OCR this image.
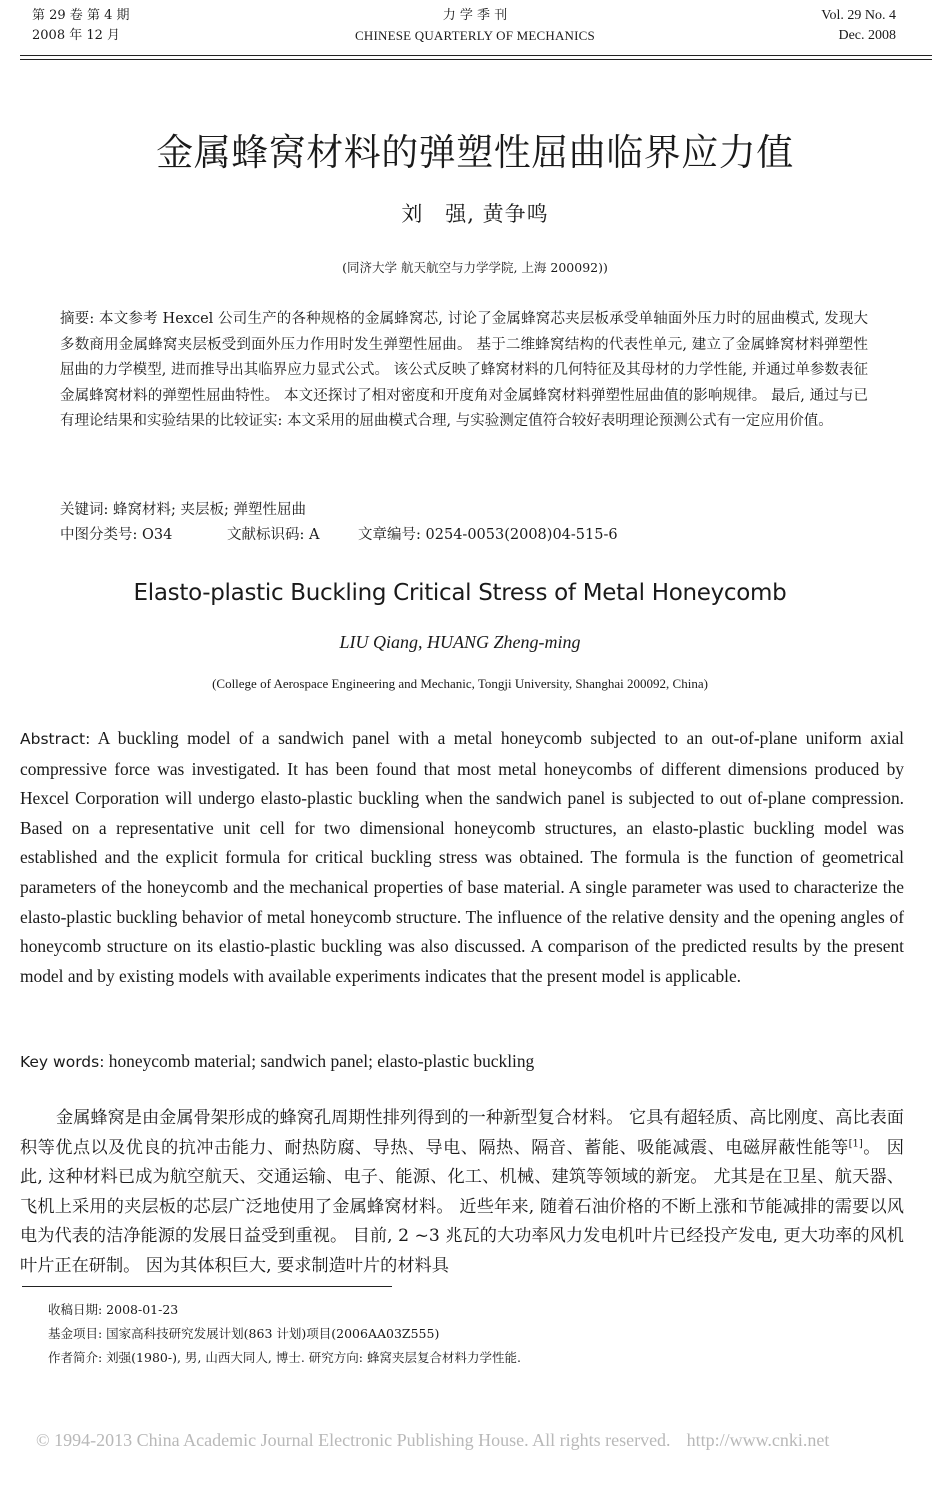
第 29 卷 第 4 期
2008 年 12 月
力 学 季 刊
CHINESE QUARTERLY OF MECHANICS
Vol. 29 No. 4
Dec. 2008
金属蜂窝材料的弹塑性屈曲临界应力值
刘　强, 黄争鸣
(同济大学 航天航空与力学学院, 上海 200092))
摘要: 本文参考 Hexcel 公司生产的各种规格的金属蜂窝芯, 讨论了金属蜂窝芯夹层板承受单轴面外压力时的屈曲模式, 发现大多数商用金属蜂窝夹层板受到面外压力作用时发生弹塑性屈曲。 基于二维蜂窝结构的代表性单元, 建立了金属蜂窝材料弹塑性屈曲的力学模型, 进而推导出其临界应力显式公式。 该公式反映了蜂窝材料的几何特征及其母材的力学性能, 并通过单参数表征金属蜂窝材料的弹塑性屈曲特性。 本文还探讨了相对密度和开度角对金属蜂窝材料弹塑性屈曲值的影响规律。 最后, 通过与已有理论结果和实验结果的比较证实: 本文采用的屈曲模式合理, 与实验测定值符合较好表明理论预测公式有一定应用价值。
关键词: 蜂窝材料; 夹层板; 弹塑性屈曲
中图分类号: O34	文献标识码: A	文章编号: 0254-0053(2008)04-515-6
Elasto-plastic Buckling Critical Stress of Metal Honeycomb
LIU Qiang, HUANG Zheng-ming
(College of Aerospace Engineering and Mechanic, Tongji University, Shanghai 200092, China)
Abstract: A buckling model of a sandwich panel with a metal honeycomb subjected to an out-of-plane uniform axial compressive force was investigated. It has been found that most metal honeycombs of different dimensions produced by Hexcel Corporation will undergo elasto-plastic buckling when the sandwich panel is subjected to out of-plane compression. Based on a representative unit cell for two dimensional honeycomb structures, an elasto-plastic buckling model was established and the explicit formula for critical buckling stress was obtained. The formula is the function of geometrical parameters of the honeycomb and the mechanical properties of base material. A single parameter was used to characterize the elasto-plastic buckling behavior of metal honeycomb structure. The influence of the relative density and the opening angles of honeycomb structure on its elastio-plastic buckling was also discussed. A comparison of the predicted results by the present model and by existing models with available experiments indicates that the present model is applicable.
Key words: honeycomb material; sandwich panel; elasto-plastic buckling
金属蜂窝是由金属骨架形成的蜂窝孔周期性排列得到的一种新型复合材料。 它具有超轻质、高比刚度、高比表面积等优点以及优良的抗冲击能力、耐热防腐、导热、导电、隔热、隔音、蓄能、吸能减震、电磁屏蔽性能等[1]。 因此, 这种材料已成为航空航天、交通运输、电子、能源、化工、机械、建筑等领域的新宠。 尤其是在卫星、航天器、飞机上采用的夹层板的芯层广泛地使用了金属蜂窝材料。 近些年来, 随着石油价格的不断上涨和节能减排的需要以风电为代表的洁净能源的发展日益受到重视。 目前, 2 ~3 兆瓦的大功率风力发电机叶片已经投产发电, 更大功率的风机叶片正在研制。 因为其体积巨大, 要求制造叶片的材料具
收稿日期: 2008-01-23
基金项目: 国家高科技研究发展计划(863 计划)项目(2006AA03Z555)
作者简介: 刘强(1980-), 男, 山西大同人, 博士. 研究方向: 蜂窝夹层复合材料力学性能.
© 1994-2013 China Academic Journal Electronic Publishing House. All rights reserved. http://www.cnki.net
